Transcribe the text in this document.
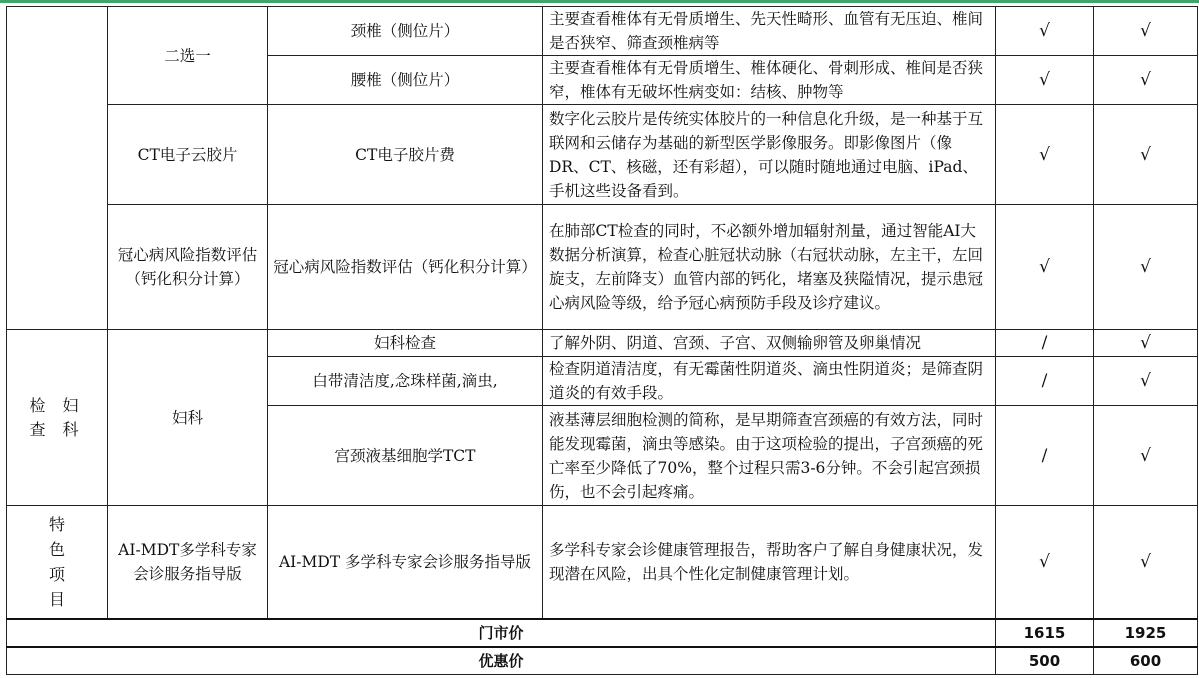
	二选一	颈椎（侧位片）	主要查看椎体有无骨质增生、先天性畸形、血管有无压迫、椎间是否狭窄、筛查颈椎病等	√	√
		腰椎（侧位片）	主要查看椎体有无骨质增生、椎体硬化、骨刺形成、椎间是否狭窄，椎体有无破坏性病变如：结核、肿物等	√	√
	CT电子云胶片	CT电子胶片费	数字化云胶片是传统实体胶片的一种信息化升级，是一种基于互联网和云储存为基础的新型医学影像服务。即影像图片（像DR、CT、核磁，还有彩超），可以随时随地通过电脑、iPad、手机这些设备看到。	√	√
	冠心病风险指数评估（钙化积分计算）	冠心病风险指数评估（钙化积分计算）	在肺部CT检查的同时，不必额外增加辐射剂量，通过智能AI大数据分析演算，检查心脏冠状动脉（右冠状动脉，左主干，左回旋支，左前降支）血管内部的钙化，堵塞及狭隘情况，提示患冠心病风险等级，给予冠心病预防手段及诊疗建议。	√	√

检 妇
查 科	妇科	妇科检查	了解外阴、阴道、宫颈、子宫、双侧输卵管及卵巢情况	/	√
		白带清洁度,念珠样菌,滴虫,	检查阴道清洁度，有无霉菌性阴道炎、滴虫性阴道炎；是筛查阴道炎的有效手段。	/	√
		宫颈液基细胞学TCT	液基薄层细胞检测的简称，是早期筛查宫颈癌的有效方法，同时能发现霉菌，滴虫等感染。由于这项检验的提出，子宫颈癌的死亡率至少降低了70%，整个过程只需3-6分钟。不会引起宫颈损伤，也不会引起疼痛。	/	√

特
色
项
目	AI-MDT多学科专家会诊服务指导版	AI-MDT 多学科专家会诊服务指导版	多学科专家会诊健康管理报告，帮助客户了解自身健康状况，发现潜在风险，出具个性化定制健康管理计划。	√	√
门市价				1615	1925
优惠价				500	600
